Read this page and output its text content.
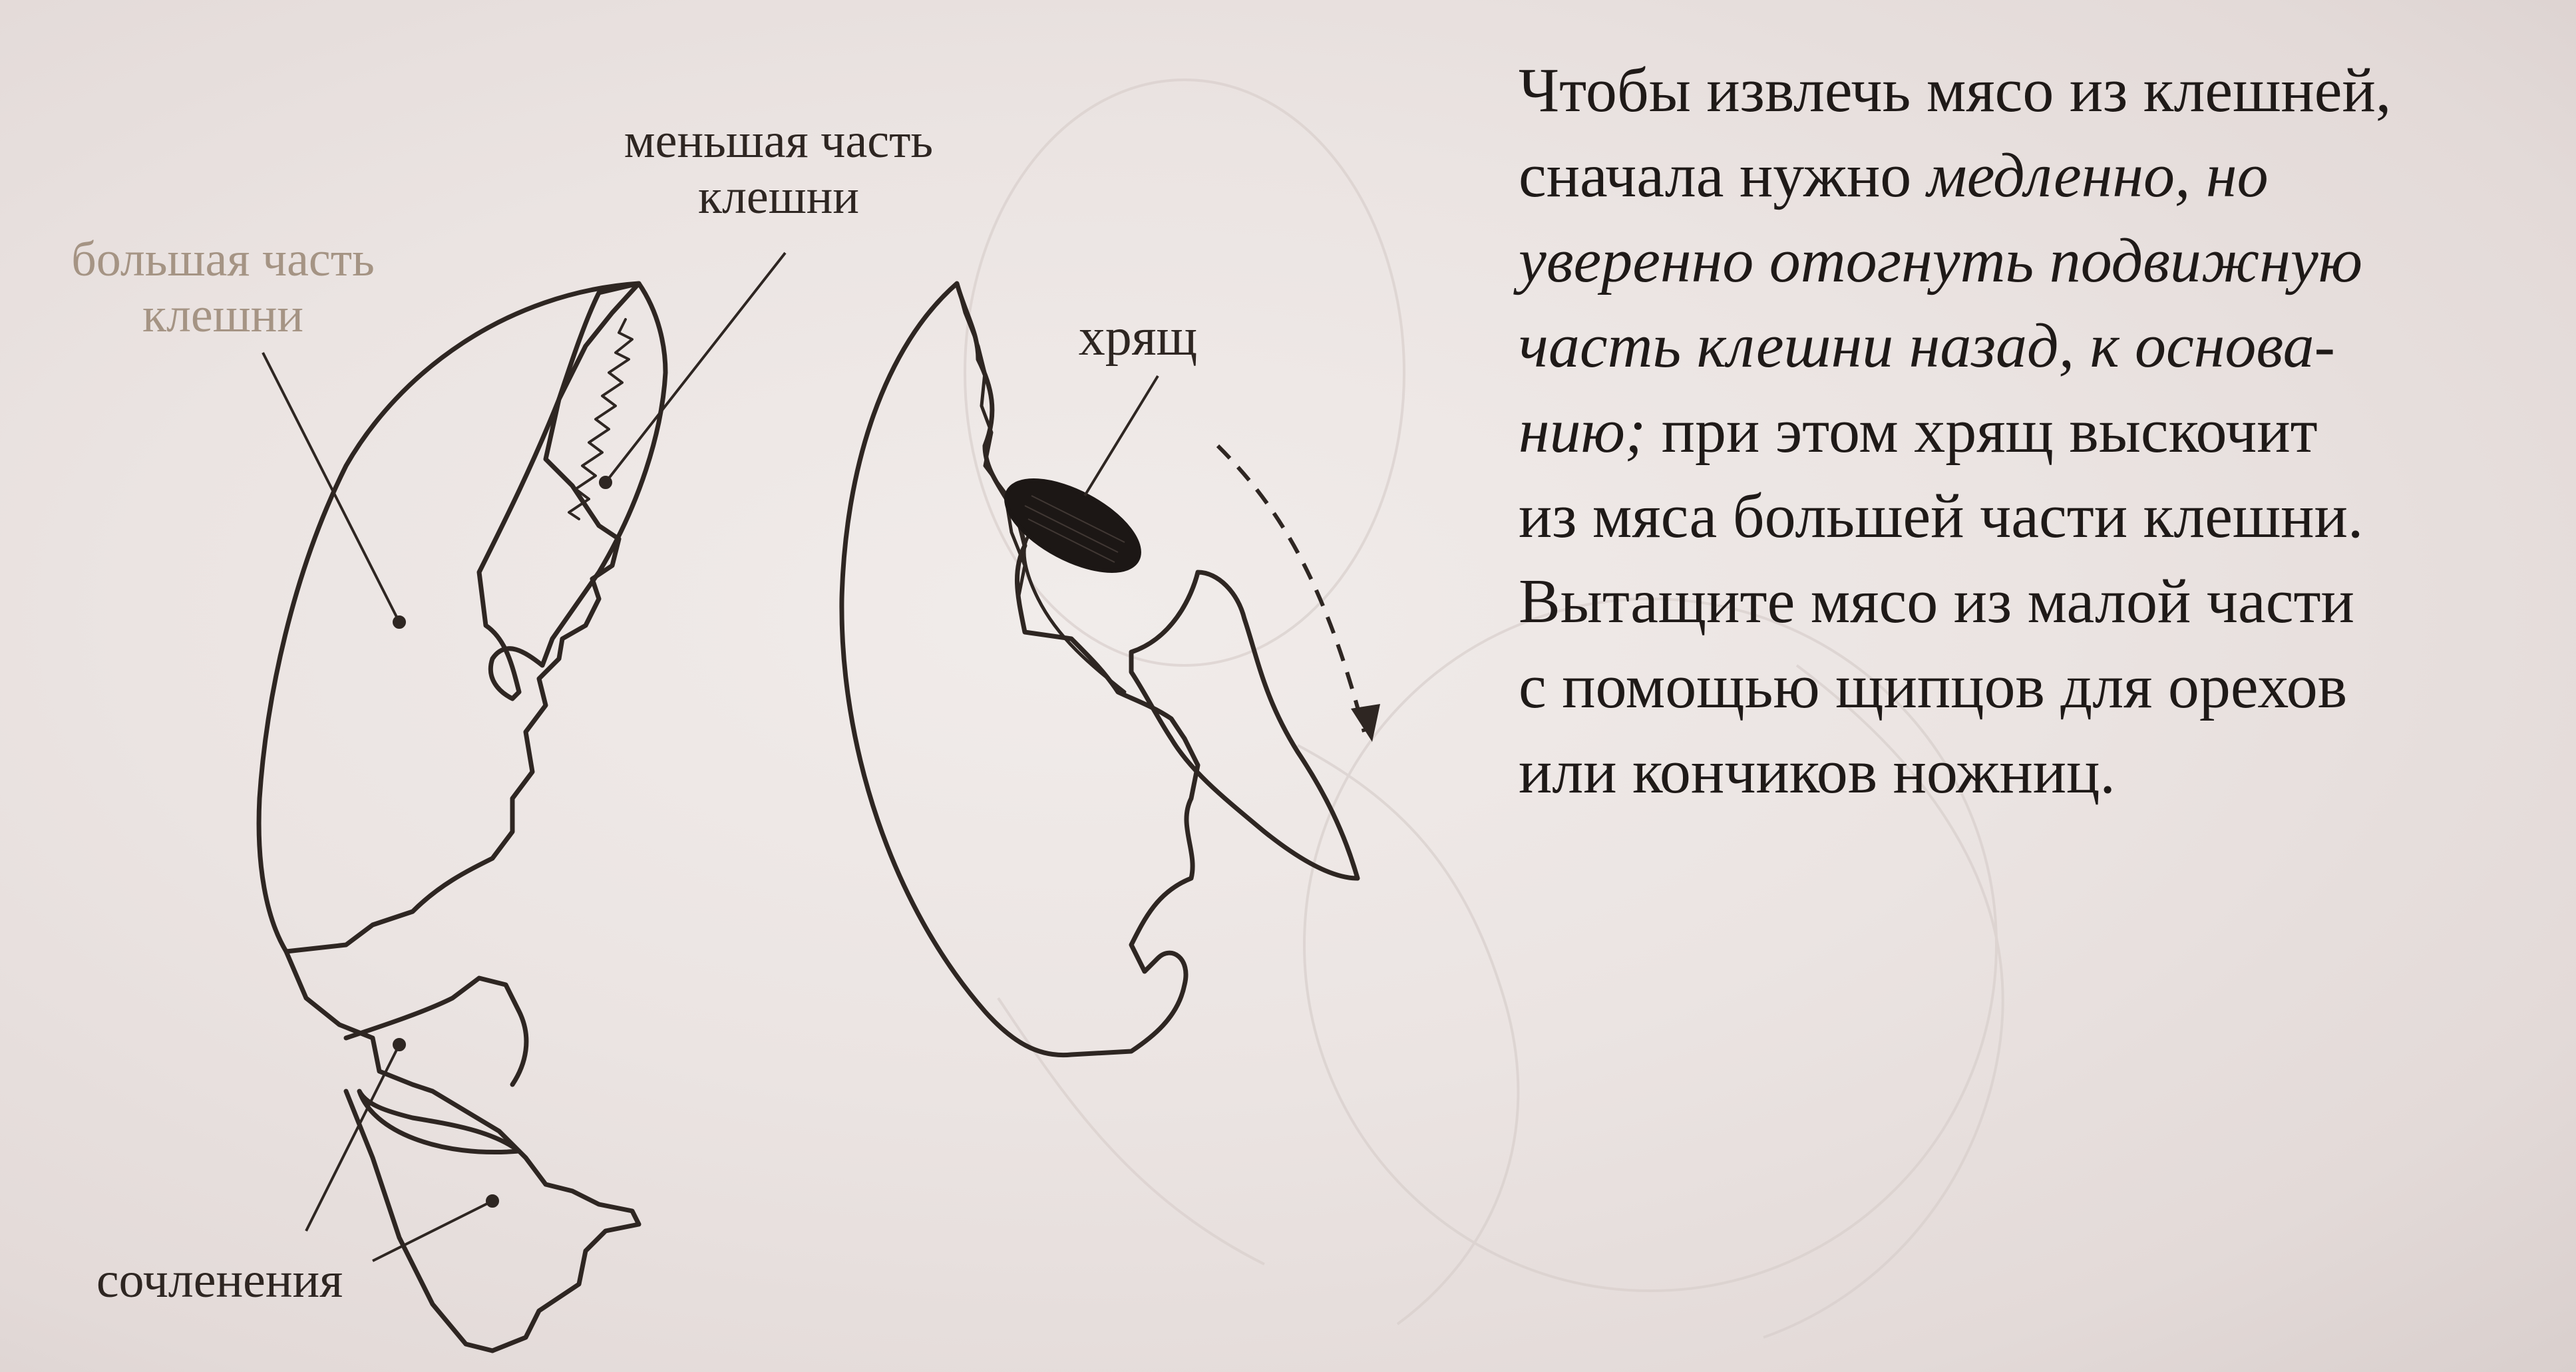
большая часть
клешни
меньшая часть
клешни
хрящ
сочленения
Чтобы извлечь мясо из клешней,
сначала нужно медленно, но
уверенно отогнуть подвижную
часть клешни назад, к основа-
нию; при этом хрящ выскочит
из мяса большей части клешни.
Вытащите мясо из малой части
с помощью щипцов для орехов
или кончиков ножниц.
